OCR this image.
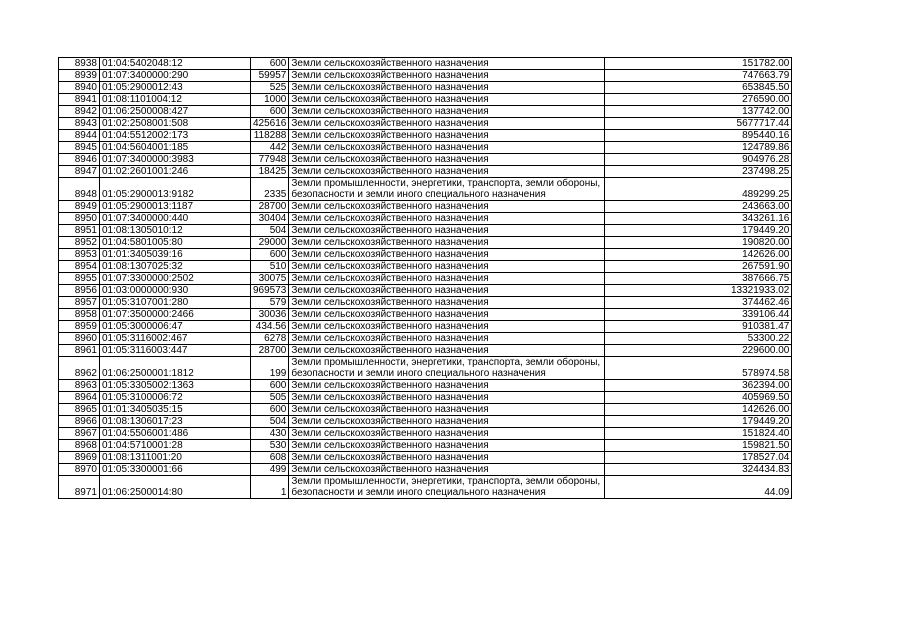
8938	01:04:5402048:12	600	Земли сельскохозяйственного назначения	151782.00
8939	01:07:3400000:290	59957	Земли сельскохозяйственного назначения	747663.79
8940	01:05:2900012:43	525	Земли сельскохозяйственного назначения	653845.50
8941	01:08:1101004:12	1000	Земли сельскохозяйственного назначения	276590.00
8942	01:06:2500008:427	600	Земли сельскохозяйственного назначения	137742.00
8943	01:02:2508001:508	425616	Земли сельскохозяйственного назначения	5677717.44
8944	01:04:5512002:173	118288	Земли сельскохозяйственного назначения	895440.16
8945	01:04:5604001:185	442	Земли сельскохозяйственного назначения	124789.86
8946	01:07:3400000:3983	77948	Земли сельскохозяйственного назначения	904976.28
8947	01:02:2601001:246	18425	Земли сельскохозяйственного назначения	237498.25
8948	01:05:2900013:9182	2335	Земли промышленности, энергетики, транспорта, земли обороны, безопасности и земли иного специального назначения	489299.25
8949	01:05:2900013:1187	28700	Земли сельскохозяйственного назначения	243663.00
8950	01:07:3400000:440	30404	Земли сельскохозяйственного назначения	343261.16
8951	01:08:1305010:12	504	Земли сельскохозяйственного назначения	179449.20
8952	01:04:5801005:80	29000	Земли сельскохозяйственного назначения	190820.00
8953	01:01:3405039:16	600	Земли сельскохозяйственного назначения	142626.00
8954	01:08:1307025:32	510	Земли сельскохозяйственного назначения	267591.90
8955	01:07:3300000:2502	30075	Земли сельскохозяйственного назначения	387666.75
8956	01:03:0000000:930	969573	Земли сельскохозяйственного назначения	13321933.02
8957	01:05:3107001:280	579	Земли сельскохозяйственного назначения	374462.46
8958	01:07:3500000:2466	30036	Земли сельскохозяйственного назначения	339106.44
8959	01:05:3000006:47	434.56	Земли сельскохозяйственного назначения	910381.47
8960	01:05:3116002:467	6278	Земли сельскохозяйственного назначения	53300.22
8961	01:05:3116003:447	28700	Земли сельскохозяйственного назначения	229600.00
8962	01:06:2500001:1812	199	Земли промышленности, энергетики, транспорта, земли обороны, безопасности и земли иного специального назначения	578974.58
8963	01:05:3305002:1363	600	Земли сельскохозяйственного назначения	362394.00
8964	01:05:3100006:72	505	Земли сельскохозяйственного назначения	405969.50
8965	01:01:3405035:15	600	Земли сельскохозяйственного назначения	142626.00
8966	01:08:1306017:23	504	Земли сельскохозяйственного назначения	179449.20
8967	01:04:5506001:486	430	Земли сельскохозяйственного назначения	151824.40
8968	01:04:5710001:28	530	Земли сельскохозяйственного назначения	159821.50
8969	01:08:1311001:20	608	Земли сельскохозяйственного назначения	178527.04
8970	01:05:3300001:66	499	Земли сельскохозяйственного назначения	324434.83
8971	01:06:2500014:80	1	Земли промышленности, энергетики, транспорта, земли обороны, безопасности и земли иного специального назначения	44.09
